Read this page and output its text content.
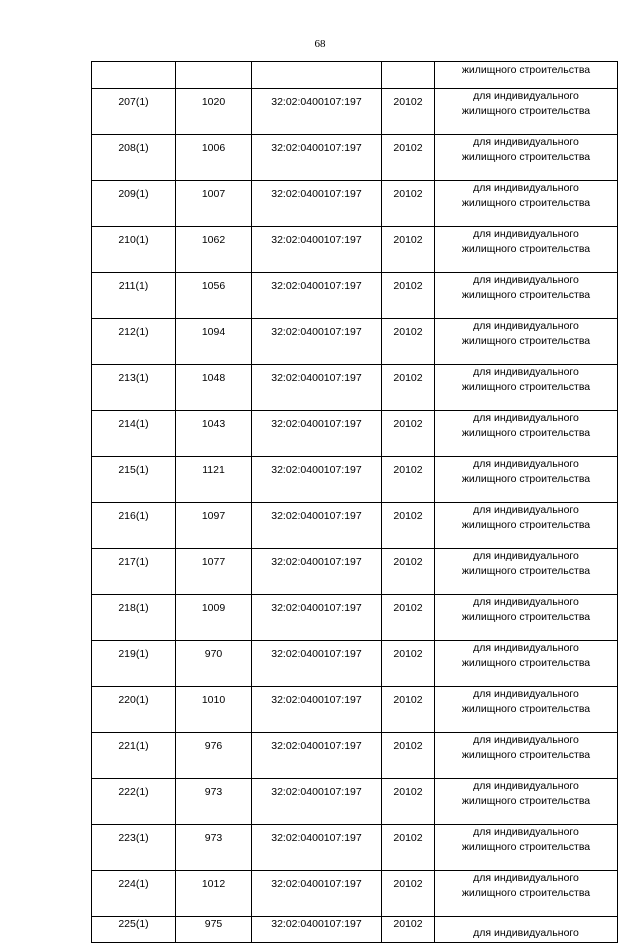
68

				жилищного строительства

207(1)	1020	32:02:0400107:197	20102	для индивидуального
жилищного строительства

208(1)	1006	32:02:0400107:197	20102	для индивидуального
жилищного строительства

209(1)	1007	32:02:0400107:197	20102	для индивидуального
жилищного строительства

210(1)	1062	32:02:0400107:197	20102	для индивидуального
жилищного строительства

211(1)	1056	32:02:0400107:197	20102	для индивидуального
жилищного строительства

212(1)	1094	32:02:0400107:197	20102	для индивидуального
жилищного строительства

213(1)	1048	32:02:0400107:197	20102	для индивидуального
жилищного строительства

214(1)	1043	32:02:0400107:197	20102	для индивидуального
жилищного строительства

215(1)	1121	32:02:0400107:197	20102	для индивидуального
жилищного строительства

216(1)	1097	32:02:0400107:197	20102	для индивидуального
жилищного строительства

217(1)	1077	32:02:0400107:197	20102	для индивидуального
жилищного строительства

218(1)	1009	32:02:0400107:197	20102	для индивидуального
жилищного строительства

219(1)	970	32:02:0400107:197	20102	для индивидуального
жилищного строительства

220(1)	1010	32:02:0400107:197	20102	для индивидуального
жилищного строительства

221(1)	976	32:02:0400107:197	20102	для индивидуального
жилищного строительства

222(1)	973	32:02:0400107:197	20102	для индивидуального
жилищного строительства

223(1)	973	32:02:0400107:197	20102	для индивидуального
жилищного строительства

224(1)	1012	32:02:0400107:197	20102	для индивидуального
жилищного строительства

225(1)	975	32:02:0400107:197	20102	для индивидуального
